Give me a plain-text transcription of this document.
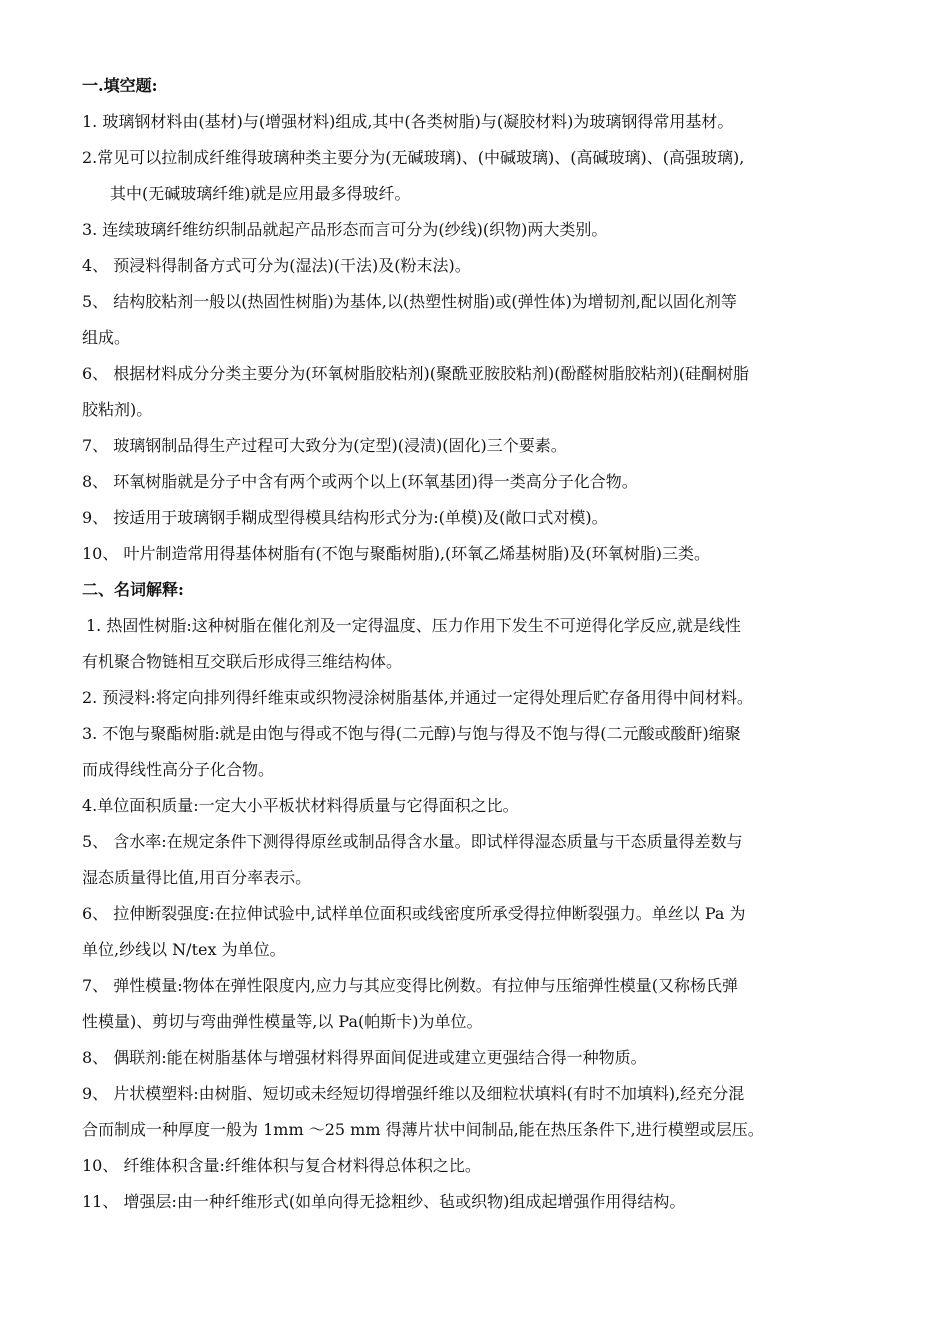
一.填空题:
1. 玻璃钢材料由(基材)与(增强材料)组成,其中(各类树脂)与(凝胶材料)为玻璃钢得常用基材。
2.常见可以拉制成纤维得玻璃种类主要分为(无碱玻璃)、(中碱玻璃)、(高碱玻璃)、(高强玻璃),
其中(无碱玻璃纤维)就是应用最多得玻纤。
3. 连续玻璃纤维纺织制品就起产品形态而言可分为(纱线)(织物)两大类别。
4、 预浸料得制备方式可分为(湿法)(干法)及(粉末法)。
5、 结构胶粘剂一般以(热固性树脂)为基体,以(热塑性树脂)或(弹性体)为增韧剂,配以固化剂等
组成。
6、 根据材料成分分类主要分为(环氧树脂胶粘剂)(聚酰亚胺胶粘剂)(酚醛树脂胶粘剂)(硅酮树脂
胶粘剂)。
7、 玻璃钢制品得生产过程可大致分为(定型)(浸渍)(固化)三个要素。
8、 环氧树脂就是分子中含有两个或两个以上(环氧基团)得一类高分子化合物。
9、 按适用于玻璃钢手糊成型得模具结构形式分为:(单模)及(敞口式对模)。
10、 叶片制造常用得基体树脂有(不饱与聚酯树脂),(环氧乙烯基树脂)及(环氧树脂)三类。
二、名词解释:
1. 热固性树脂:这种树脂在催化剂及一定得温度、压力作用下发生不可逆得化学反应,就是线性
有机聚合物链相互交联后形成得三维结构体。
2. 预浸料:将定向排列得纤维束或织物浸涂树脂基体,并通过一定得处理后贮存备用得中间材料。
3. 不饱与聚酯树脂:就是由饱与得或不饱与得(二元醇)与饱与得及不饱与得(二元酸或酸酐)缩聚
而成得线性高分子化合物。
4.单位面积质量:一定大小平板状材料得质量与它得面积之比。
5、 含水率:在规定条件下测得得原丝或制品得含水量。即试样得湿态质量与干态质量得差数与
湿态质量得比值,用百分率表示。
6、 拉伸断裂强度:在拉伸试验中,试样单位面积或线密度所承受得拉伸断裂强力。单丝以 Pa 为
单位,纱线以 N/tex 为单位。
7、 弹性模量:物体在弹性限度内,应力与其应变得比例数。有拉伸与压缩弹性模量(又称杨氏弹
性模量)、剪切与弯曲弹性模量等,以 Pa(帕斯卡)为单位。
8、 偶联剂:能在树脂基体与增强材料得界面间促进或建立更强结合得一种物质。
9、 片状模塑料:由树脂、短切或未经短切得增强纤维以及细粒状填料(有时不加填料),经充分混
合而制成一种厚度一般为 1mm ～25 mm 得薄片状中间制品,能在热压条件下,进行模塑或层压。
10、 纤维体积含量:纤维体积与复合材料得总体积之比。
11、 增强层:由一种纤维形式(如单向得无捻粗纱、毡或织物)组成起增强作用得结构。
